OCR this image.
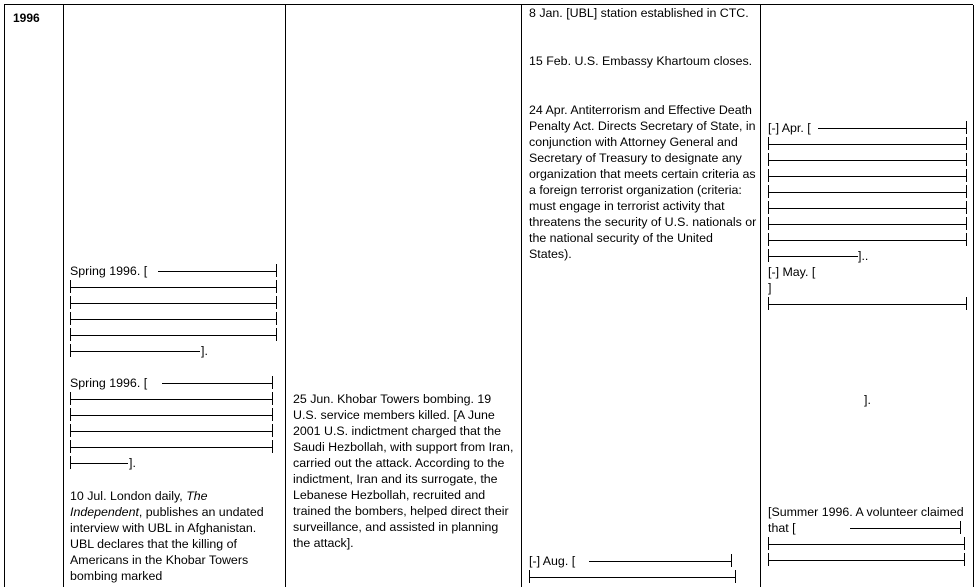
1996
Spring 1996. [
].
Spring 1996. [
].
10 Jul. London daily, The Independent, publishes an undated interview with UBL in Afghanistan. UBL declares that the killing of Americans in the Khobar Towers bombing marked
25 Jun. Khobar Towers bombing. 19 U.S. service members killed. [A June 2001 U.S. indictment charged that the Saudi Hezbollah, with support from Iran, carried out the attack. According to the indictment, Iran and its surrogate, the Lebanese Hezbollah, recruited and trained the bombers, helped direct their surveillance, and assisted in planning the attack].
8 Jan. [UBL] station established in CTC.
15 Feb. U.S. Embassy Khartoum closes.
24 Apr. Antiterrorism and Effective Death Penalty Act. Directs Secretary of State, in conjunction with Attorney General and Secretary of Treasury to designate any organization that meets certain criteria as a foreign terrorist organization (criteria: must engage in terrorist activity that threatens the security of U.S. nationals or the national security of the United States).
[-] Aug. [
[-] Apr. [
]..
[-] May. [
]
].
[Summer 1996. A volunteer claimed that [
